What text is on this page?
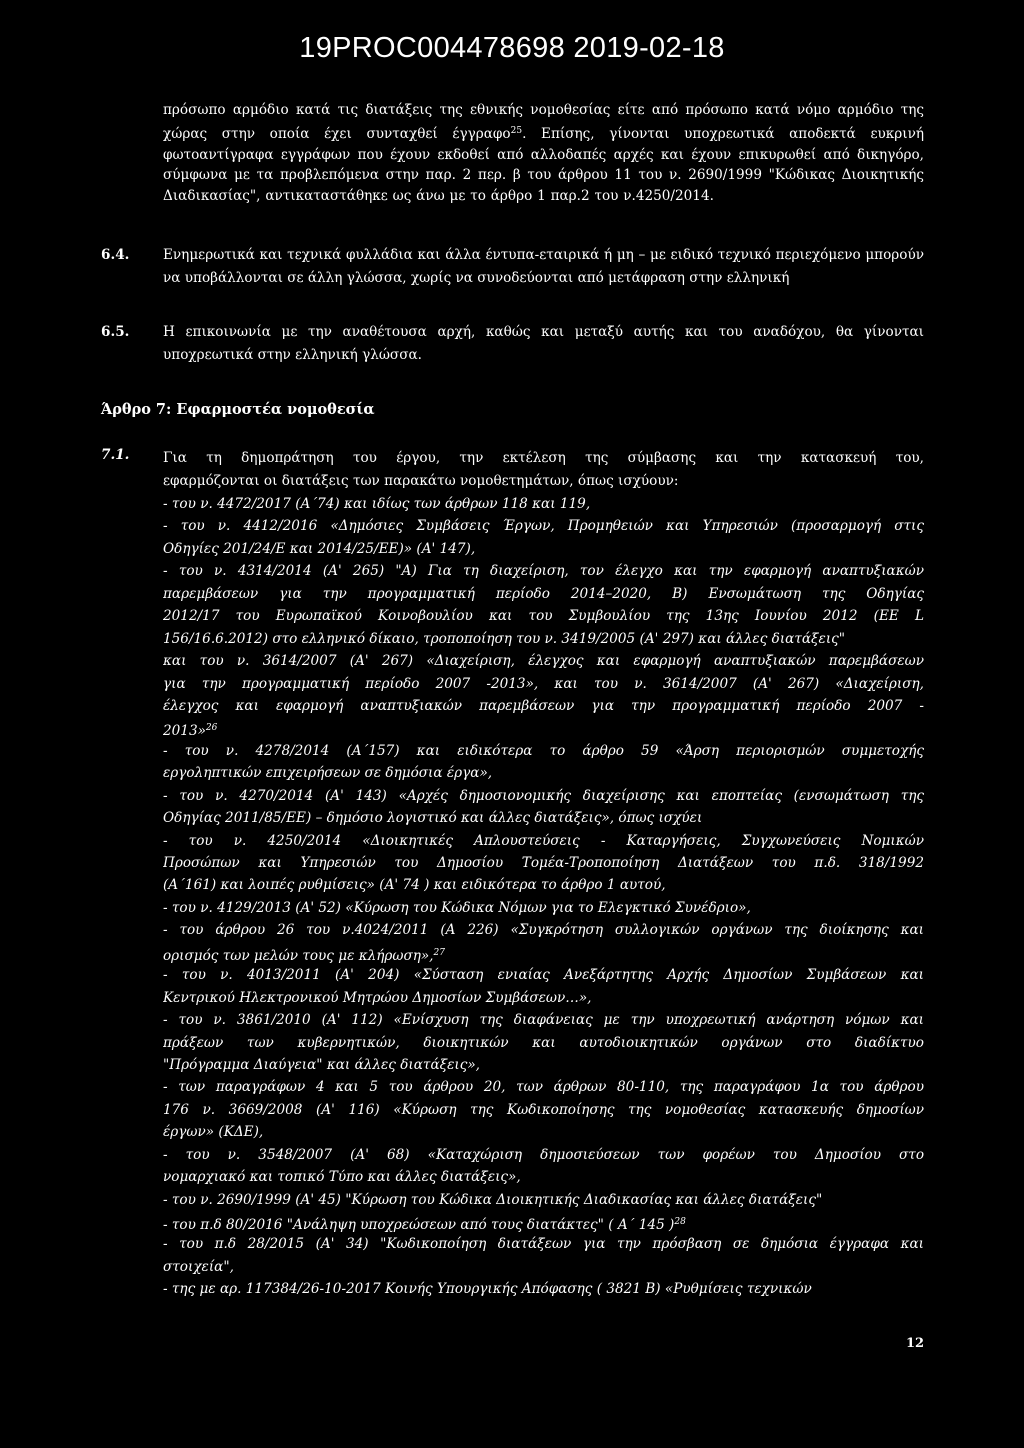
19PROC004478698 2019-02-18
πρόσωπο αρμόδιο κατά τις διατάξεις της εθνικής νομοθεσίας είτε από πρόσωπο κατά νόμο αρμόδιο της χώρας στην οποία έχει συνταχθεί έγγραφο$^{25}$. Επίσης, γίνονται υποχρεωτικά αποδεκτά ευκρινή φωτοαντίγραφα εγγράφων που έχουν εκδοθεί από αλλοδαπές αρχές και έχουν επικυρωθεί από δικηγόρο, σύμφωνα με τα προβλεπόμενα στην παρ. 2 περ. β του άρθρου 11 του ν. 2690/1999 "Κώδικας Διοικητικής Διαδικασίας", αντικαταστάθηκε ως άνω με το άρθρο 1 παρ.2 του ν.4250/2014.
6.4. Ενημερωτικά και τεχνικά φυλλάδια και άλλα έντυπα-εταιρικά ή μη – με ειδικό τεχνικό περιεχόμενο μπορούν να υποβάλλονται σε άλλη γλώσσα, χωρίς να συνοδεύονται από μετάφραση στην ελληνική
6.5. Η επικοινωνία με την αναθέτουσα αρχή, καθώς και μεταξύ αυτής και του αναδόχου, θα γίνονται υποχρεωτικά στην ελληνική γλώσσα.
Άρθρο 7: Εφαρμοστέα νομοθεσία
7.1. Για τη δημοπράτηση του έργου, την εκτέλεση της σύμβασης και την κατασκευή του,
εφαρμόζονται οι διατάξεις των παρακάτω νομοθετημάτων, όπως ισχύουν:
- του ν. 4472/2017 (Α΄74) και ιδίως των άρθρων 118 και 119,
- του ν. 4412/2016 «Δημόσιες Συμβάσεις Έργων, Προμηθειών και Υπηρεσιών (προσαρμογή στις
Οδηγίες 201/24/Ε και 2014/25/ΕΕ)» (Α' 147),
- του ν. 4314/2014 (Α' 265) "Α) Για τη διαχείριση, τον έλεγχο και την εφαρμογή αναπτυξιακών
παρεμβάσεων για την προγραμματική περίοδο 2014–2020, Β) Ενσωμάτωση της Οδηγίας
2012/17 του Ευρωπαϊκού Κοινοβουλίου και του Συμβουλίου της 13ης Ιουνίου 2012 (ΕΕ L
156/16.6.2012) στο ελληνικό δίκαιο, τροποποίηση του ν. 3419/2005 (Α' 297) και άλλες διατάξεις"
και του ν. 3614/2007 (Α' 267) «Διαχείριση, έλεγχος και εφαρμογή αναπτυξιακών παρεμβάσεων
για την προγραμματική περίοδο 2007 -2013», και του ν. 3614/2007 (Α' 267) «Διαχείριση,
έλεγχος και εφαρμογή αναπτυξιακών παρεμβάσεων για την προγραμματική περίοδο 2007 -
2013»$^{26}$
- του ν. 4278/2014 (Α΄157) και ειδικότερα το άρθρο 59 «Άρση περιορισμών συμμετοχής
εργοληπτικών επιχειρήσεων σε δημόσια έργα»,
- του ν. 4270/2014 (Α' 143) «Αρχές δημοσιονομικής διαχείρισης και εποπτείας (ενσωμάτωση της
Οδηγίας 2011/85/ΕΕ) – δημόσιο λογιστικό και άλλες διατάξεις», όπως ισχύει
- του ν. 4250/2014 «Διοικητικές Απλουστεύσεις - Καταργήσεις, Συγχωνεύσεις Νομικών
Προσώπων και Υπηρεσιών του Δημοσίου Τομέα-Τροποποίηση Διατάξεων του π.δ. 318/1992
(Α΄161) και λοιπές ρυθμίσεις» (Α' 74 ) και ειδικότερα το άρθρο 1 αυτού,
- του ν. 4129/2013 (Α' 52) «Κύρωση του Κώδικα Νόμων για το Ελεγκτικό Συνέδριο»,
- του άρθρου 26 του ν.4024/2011 (Α 226) «Συγκρότηση συλλογικών οργάνων της διοίκησης και
ορισμός των μελών τους με κλήρωση»,$^{27}$
- του ν. 4013/2011 (Α' 204) «Σύσταση ενιαίας Ανεξάρτητης Αρχής Δημοσίων Συμβάσεων και
Κεντρικού Ηλεκτρονικού Μητρώου Δημοσίων Συμβάσεων…»,
- του ν. 3861/2010 (Α' 112) «Ενίσχυση της διαφάνειας με την υποχρεωτική ανάρτηση νόμων και
πράξεων των κυβερνητικών, διοικητικών και αυτοδιοικητικών οργάνων στο διαδίκτυο
"Πρόγραμμα Διαύγεια" και άλλες διατάξεις»,
- των παραγράφων 4 και 5 του άρθρου 20, των άρθρων 80-110, της παραγράφου 1α του άρθρου
176 ν. 3669/2008 (Α' 116) «Κύρωση της Κωδικοποίησης της νομοθεσίας κατασκευής δημοσίων
έργων» (ΚΔΕ),
- του ν. 3548/2007 (Α' 68) «Καταχώριση δημοσιεύσεων των φορέων του Δημοσίου στο
νομαρχιακό και τοπικό Τύπο και άλλες διατάξεις»,
- του ν. 2690/1999 (Α' 45) "Κύρωση του Κώδικα Διοικητικής Διαδικασίας και άλλες διατάξεις"
- του π.δ 80/2016 "Ανάληψη υποχρεώσεων από τους διατάκτες" ( Α΄ 145 )$^{28}$
- του π.δ 28/2015 (Α' 34) "Κωδικοποίηση διατάξεων για την πρόσβαση σε δημόσια έγγραφα και
στοιχεία",
- της με αρ. 117384/26-10-2017 Κοινής Υπουργικής Απόφασης ( 3821 Β) «Ρυθμίσεις τεχνικών
12
